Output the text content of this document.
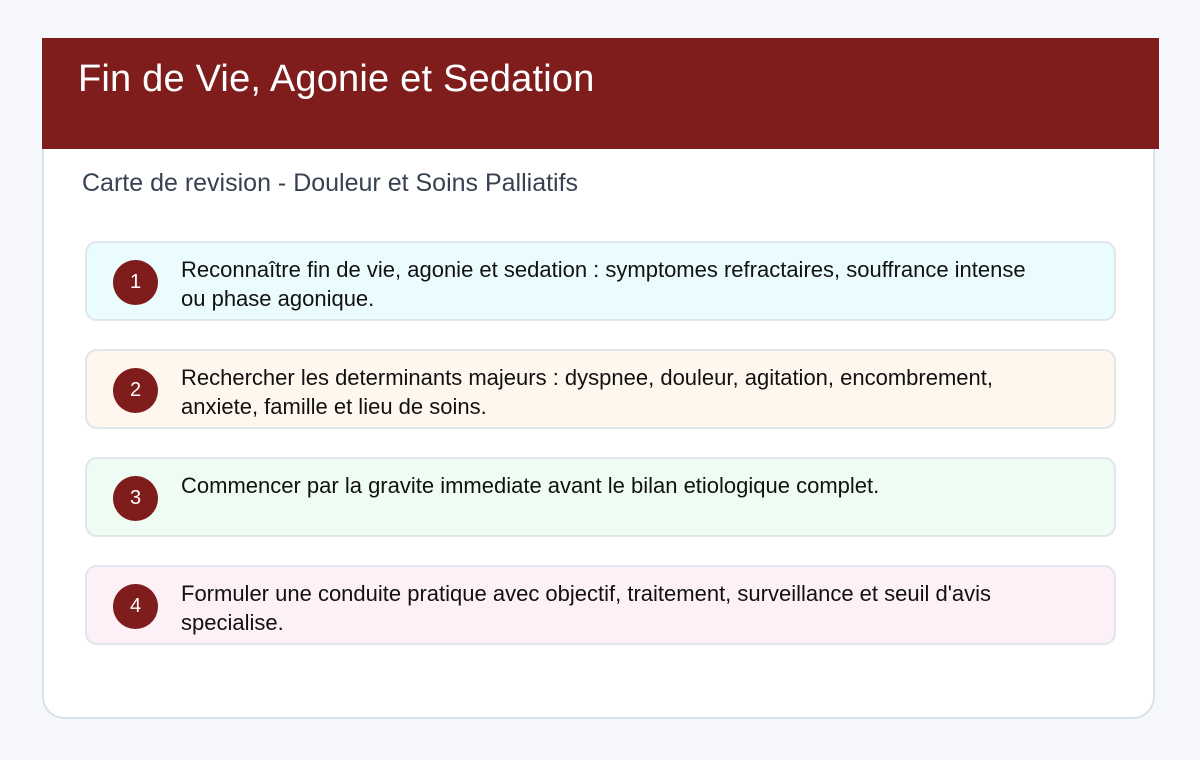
Fin de Vie, Agonie et Sedation
Carte de revision - Douleur et Soins Palliatifs
1	Reconnaître fin de vie, agonie et sedation : symptomes refractaires, souffrance intense ou phase agonique.
2	Rechercher les determinants majeurs : dyspnee, douleur, agitation, encombrement, anxiete, famille et lieu de soins.
3	Commencer par la gravite immediate avant le bilan etiologique complet.
4	Formuler une conduite pratique avec objectif, traitement, surveillance et seuil d'avis specialise.
